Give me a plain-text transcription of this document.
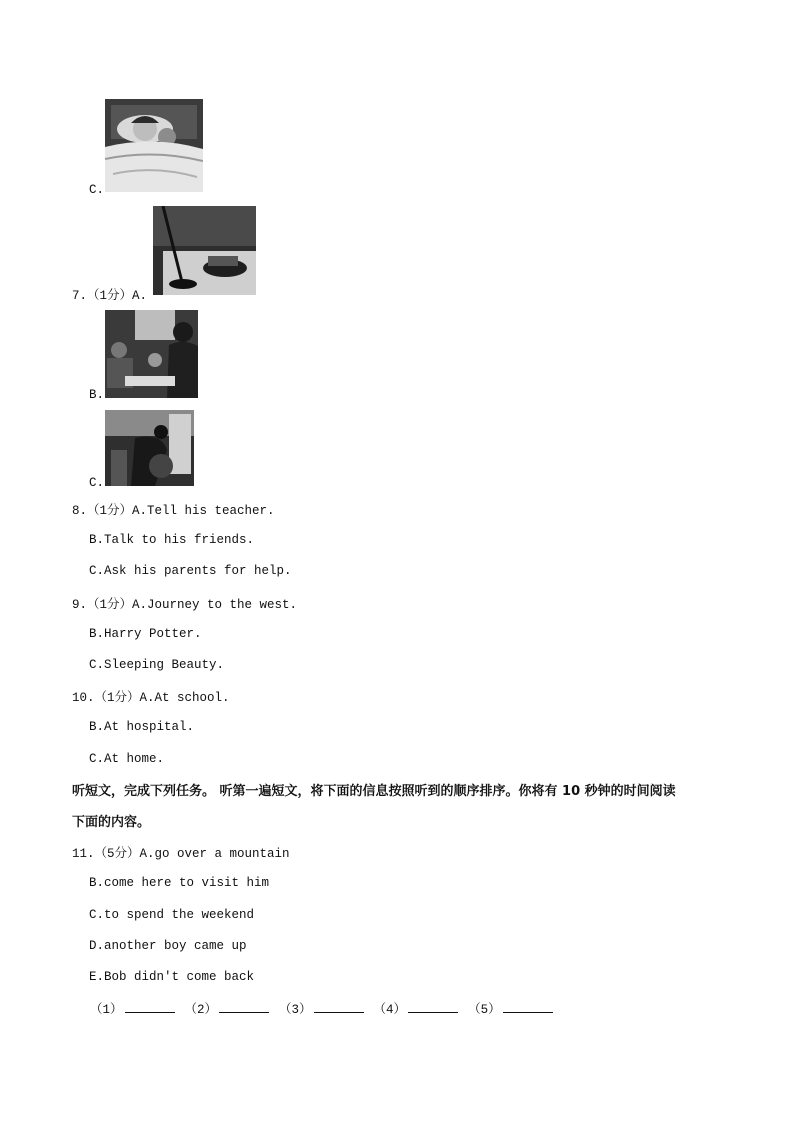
C.
7.（1分）A.
B.
C.
8.（1分）A.Tell his teacher.
B.Talk to his friends.
C.Ask his parents for help.
9.（1分）A.Journey to the west.
B.Harry Potter.
C.Sleeping Beauty.
10.（1分）A.At school.
B.At hospital.
C.At home.
听短文，完成下列任务。 听第一遍短文，将下面的信息按照听到的顺序排序。你将有 10 秒钟的时间阅读
下面的内容。
11.（5分）A.go over a mountain
B.come here to visit him
C.to spend the weekend
D.another boy came up
E.Bob didn't come back
（1）	（2）	（3）	（4）	（5）
